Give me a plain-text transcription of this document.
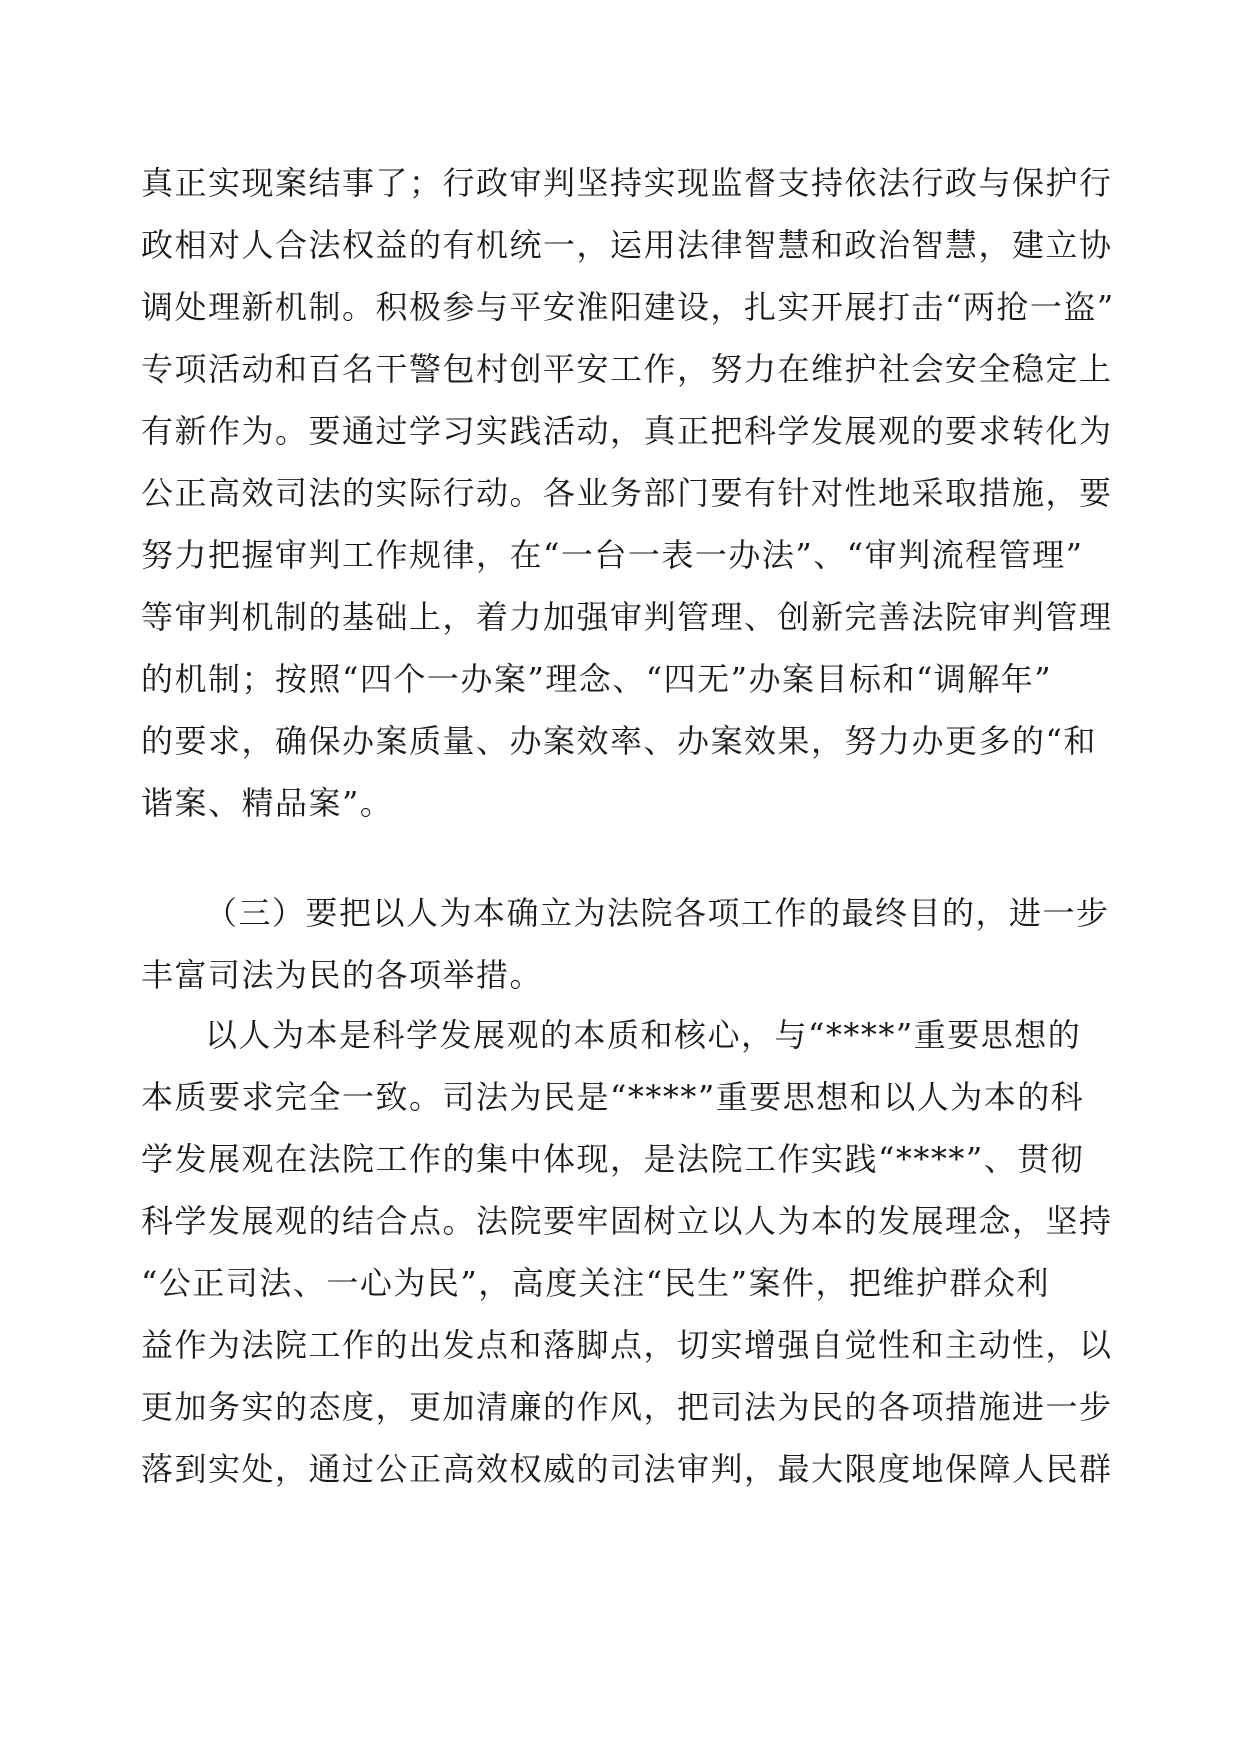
真正实现案结事了；行政审判坚持实现监督支持依法行政与保护行
政相对人合法权益的有机统一，运用法律智慧和政治智慧，建立协
调处理新机制。积极参与平安淮阳建设，扎实开展打击“两抢一盗”
专项活动和百名干警包村创平安工作，努力在维护社会安全稳定上
有新作为。要通过学习实践活动，真正把科学发展观的要求转化为
公正高效司法的实际行动。各业务部门要有针对性地采取措施，要
努力把握审判工作规律，在“一台一表一办法”、“审判流程管理”
等审判机制的基础上，着力加强审判管理、创新完善法院审判管理
的机制；按照“四个一办案”理念、“四无”办案目标和“调解年”
的要求，确保办案质量、办案效率、办案效果，努力办更多的“和
谐案、精品案”。
（三）要把以人为本确立为法院各项工作的最终目的，进一步
丰富司法为民的各项举措。
以人为本是科学发展观的本质和核心，与“****”重要思想的
本质要求完全一致。司法为民是“****”重要思想和以人为本的科
学发展观在法院工作的集中体现，是法院工作实践“****”、贯彻
科学发展观的结合点。法院要牢固树立以人为本的发展理念，坚持
“公正司法、一心为民”，高度关注“民生”案件，把维护群众利
益作为法院工作的出发点和落脚点，切实增强自觉性和主动性，以
更加务实的态度，更加清廉的作风，把司法为民的各项措施进一步
落到实处，通过公正高效权威的司法审判，最大限度地保障人民群
